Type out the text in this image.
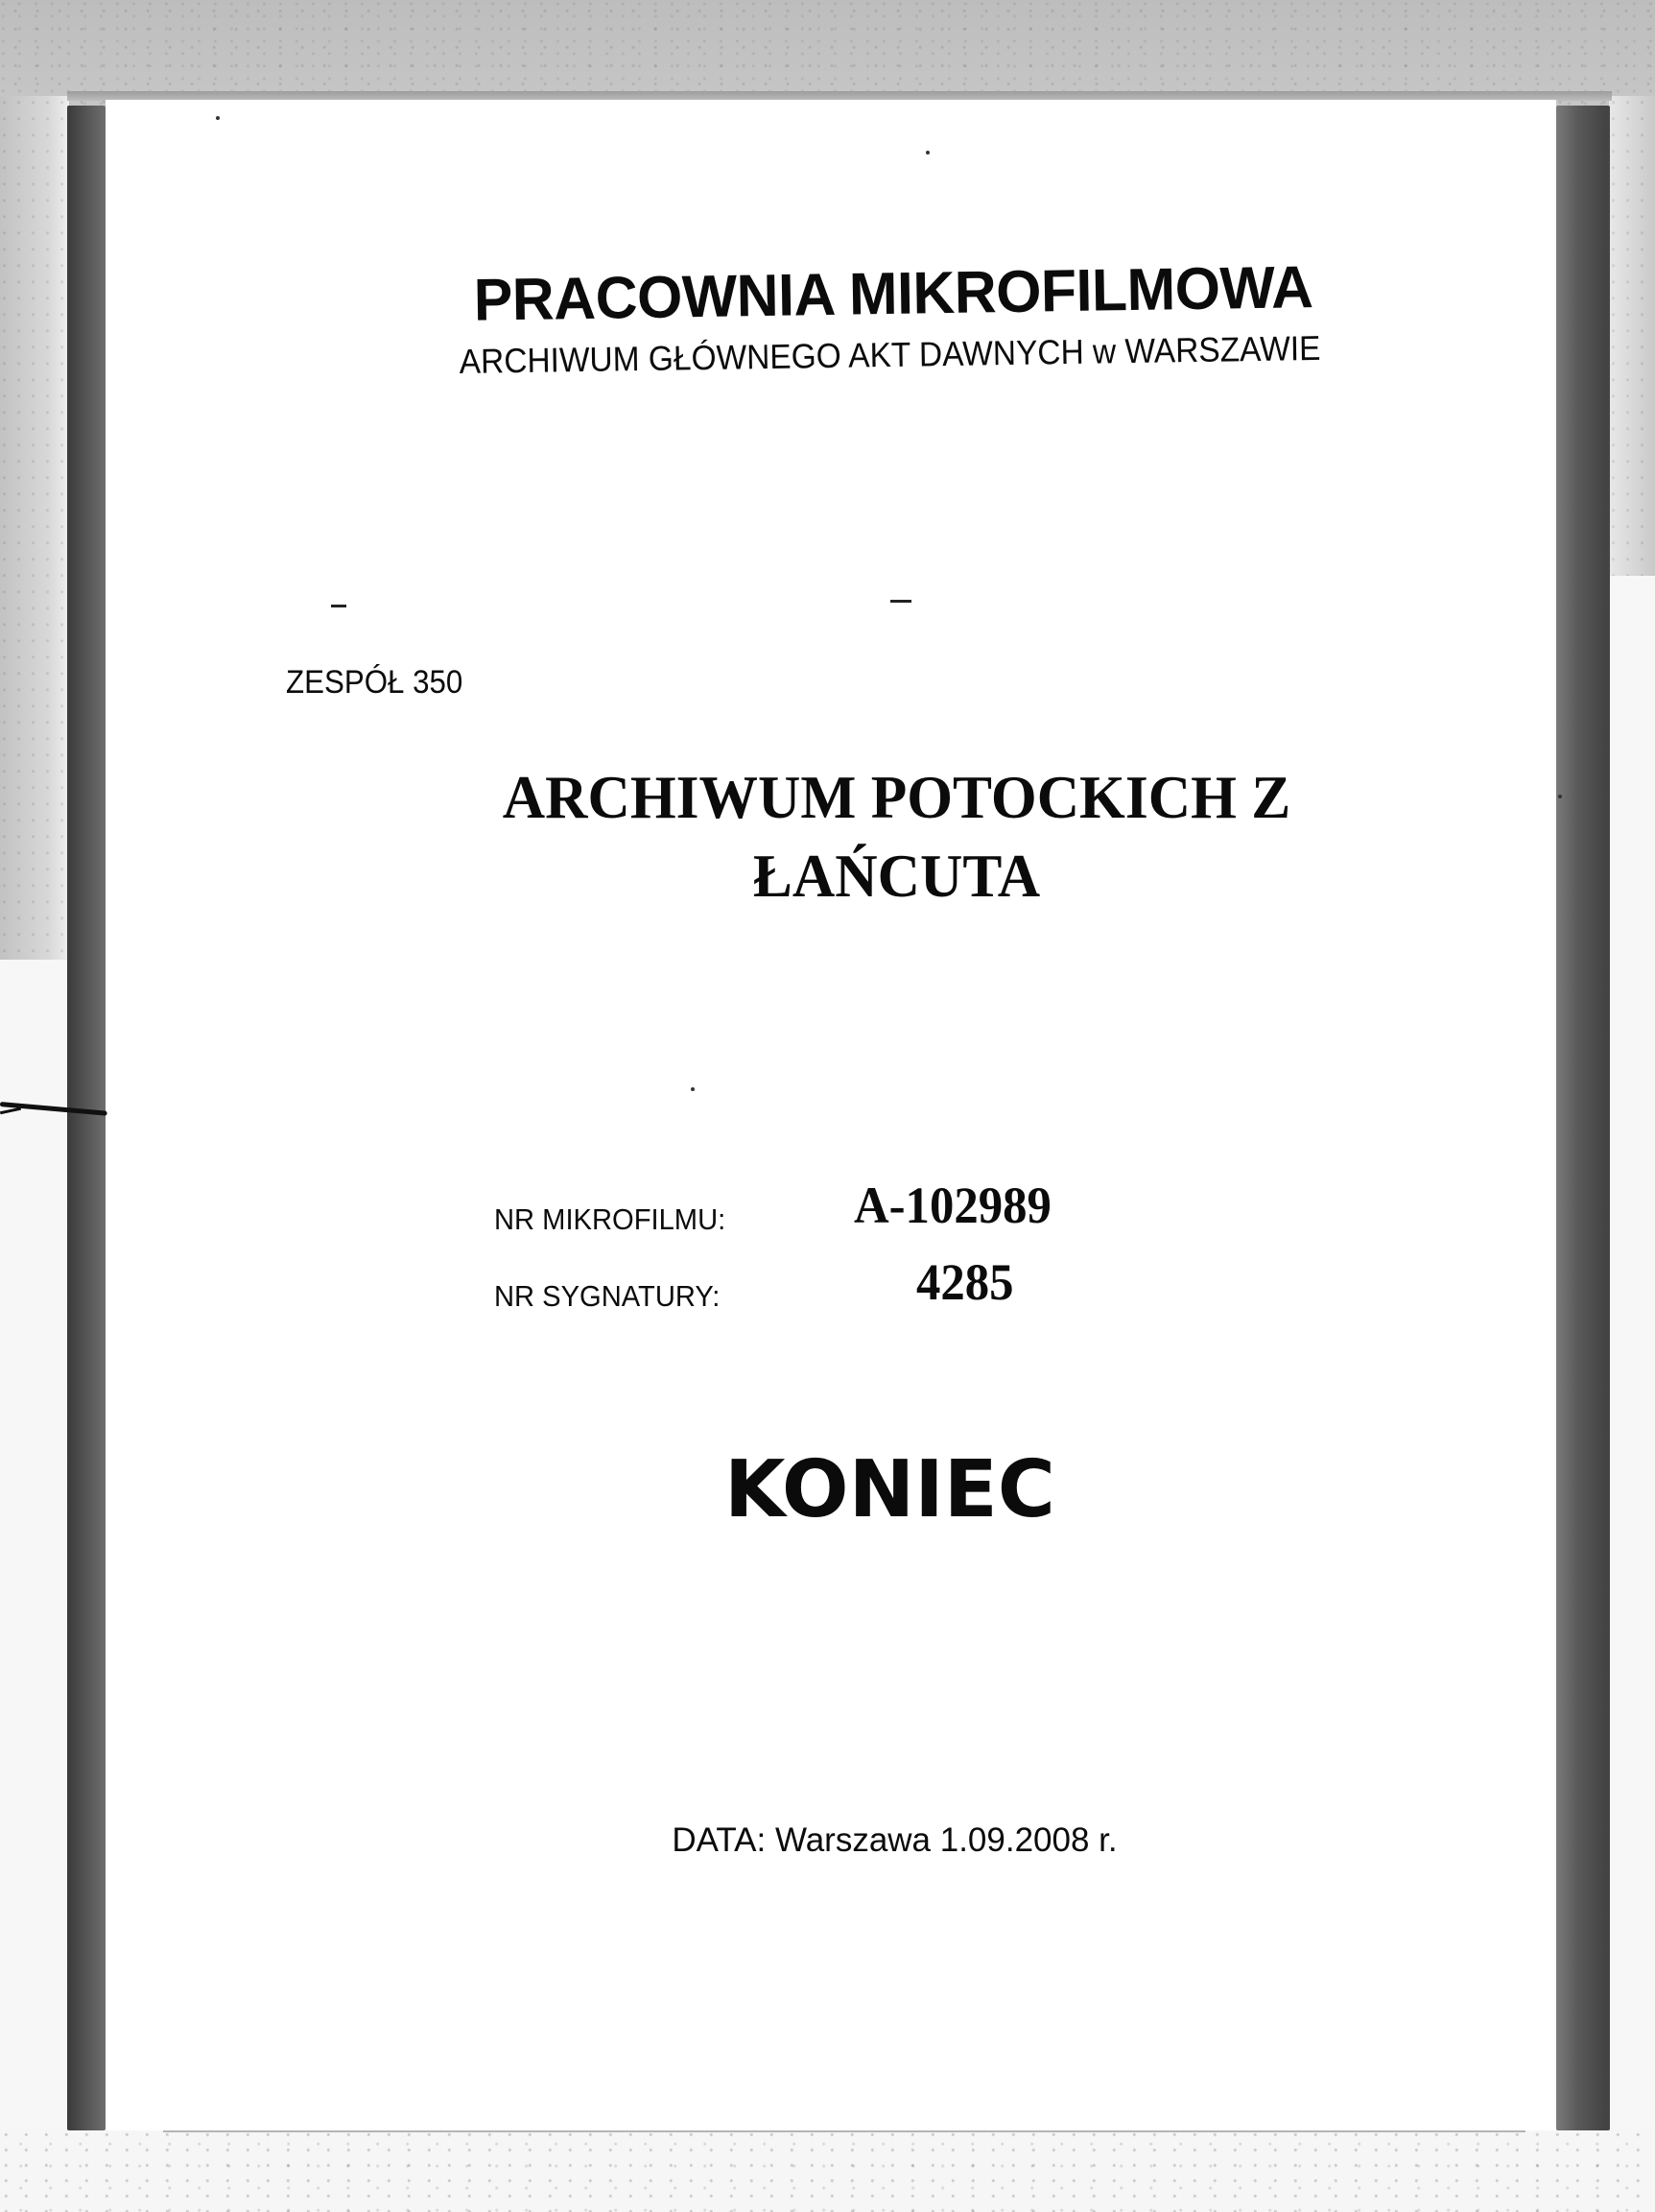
PRACOWNIA MIKROFILMOWA
ARCHIWUM GŁÓWNEGO AKT DAWNYCH w WARSZAWIE
ZESPÓŁ 350
ARCHIWUM POTOCKICH Z
ŁAŃCUTA
NR MIKROFILMU: A-102989
NR SYGNATURY:	4285
KONIEC
DATA: Warszawa 1.09.2008 r.
